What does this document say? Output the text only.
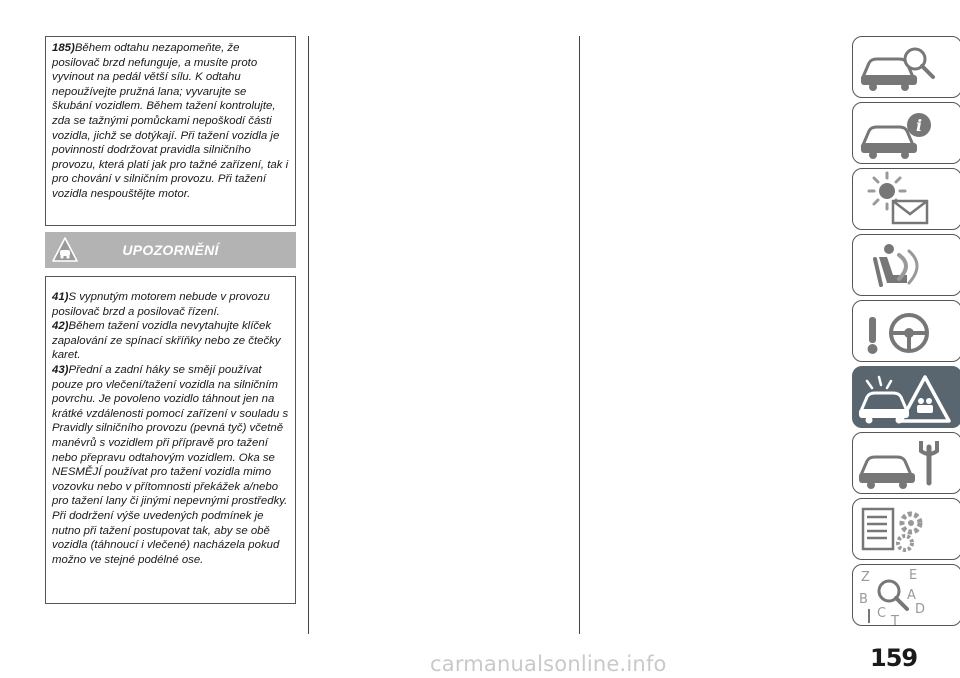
185)Během odtahu nezapomeňte, že posilovač brzd nefunguje, a musíte proto vyvinout na pedál větší sílu. K odtahu nepoužívejte pružná lana; vyvarujte se škubání vozidlem. Během tažení kontrolujte, zda se tažnými pomůckami nepoškodí části vozidla, jichž se dotýkají. Při tažení vozidla je povinností dodržovat pravidla silničního provozu, která platí jak pro tažné zařízení, tak i pro chování v silničním provozu. Při tažení vozidla nespouštějte motor.

UPOZORNĚNÍ

41)S vypnutým motorem nebude v provozu posilovač brzd a posilovač řízení.

42)Během tažení vozidla nevytahujte klíček zapalování ze spínací skříňky nebo ze čtečky karet.

43)Přední a zadní háky se smějí používat pouze pro vlečení/tažení vozidla na silničním povrchu. Je povoleno vozidlo táhnout jen na krátké vzdálenosti pomocí zařízení v souladu s Pravidly silničního provozu (pevná tyč) včetně manévrů s vozidlem při přípravě pro tažení nebo přepravu odtahovým vozidlem. Oka se NESMĚJÍ používat pro tažení vozidla mimo vozovku nebo v přítomnosti překážek a/nebo pro tažení lany či jinými nepevnými prostředky. Při dodržení výše uvedených podmínek je nutno při tažení postupovat tak, aby se obě vozidla (táhnoucí i vlečené) nacházela pokud možno ve stejné podélné ose.

i
Z	E
B	A
C D
T
159
carmanualsonline.info
